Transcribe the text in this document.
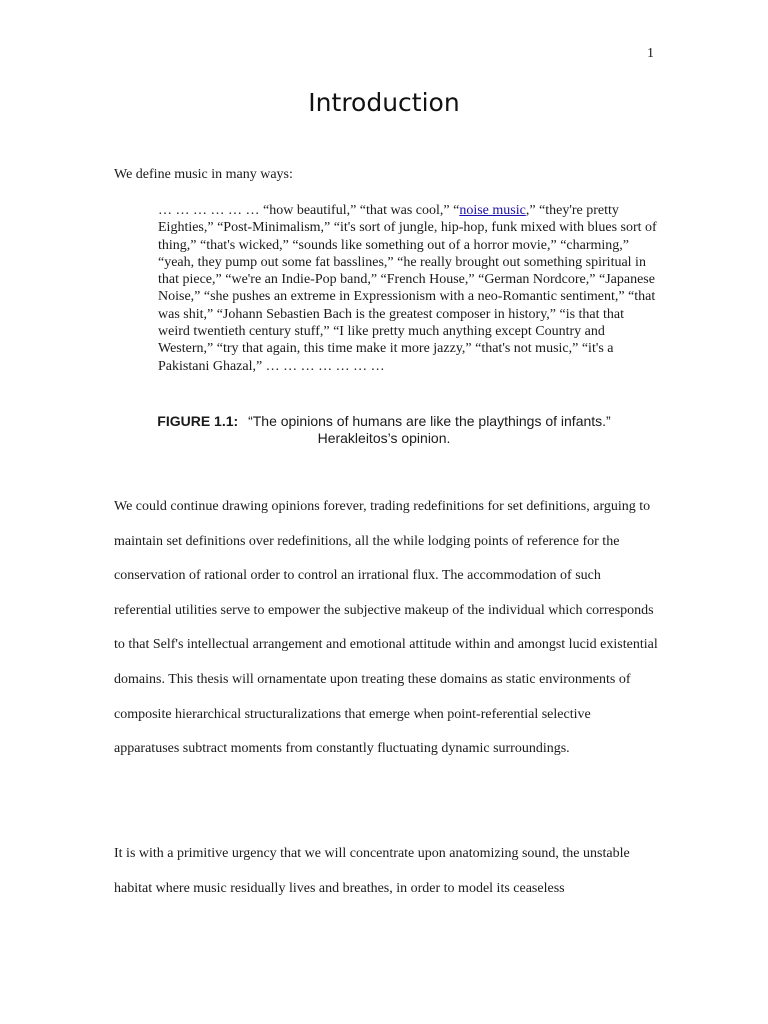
1
Introduction

We define music in many ways:

… … … … … … “how beautiful,” “that was cool,” “noise music,” “they're pretty Eighties,” “Post-Minimalism,” “it's sort of jungle, hip-hop, funk mixed with blues sort of thing,” “that's wicked,” “sounds like something out of a horror movie,” “charming,” “yeah, they pump out some fat basslines,” “he really brought out something spiritual in that piece,” “we're an Indie-Pop band,” “French House,” “German Nordcore,” “Japanese Noise,” “she pushes an extreme in Expressionism with a neo-Romantic sentiment,” “that was shit,” “Johann Sebastien Bach is the greatest composer in history,” “is that that weird twentieth century stuff,” “I like pretty much anything except Country and Western,” “try that again, this time make it more jazzy,” “that's not music,” “it's a Pakistani Ghazal,” … … … … … … …

FIGURE 1.1: “The opinions of humans are like the playthings of infants.”
Herakleitos’s opinion.

We could continue drawing opinions forever, trading redefinitions for set definitions, arguing to maintain set definitions over redefinitions, all the while lodging points of reference for the conservation of rational order to control an irrational flux. The accommodation of such referential utilities serve to empower the subjective makeup of the individual which corresponds to that Self's intellectual arrangement and emotional attitude within and amongst lucid existential domains. This thesis will ornamentate upon treating these domains as static environments of composite hierarchical structuralizations that emerge when point-referential selective apparatuses subtract moments from constantly fluctuating dynamic surroundings.

It is with a primitive urgency that we will concentrate upon anatomizing sound, the unstable habitat where music residually lives and breathes, in order to model its ceaseless
